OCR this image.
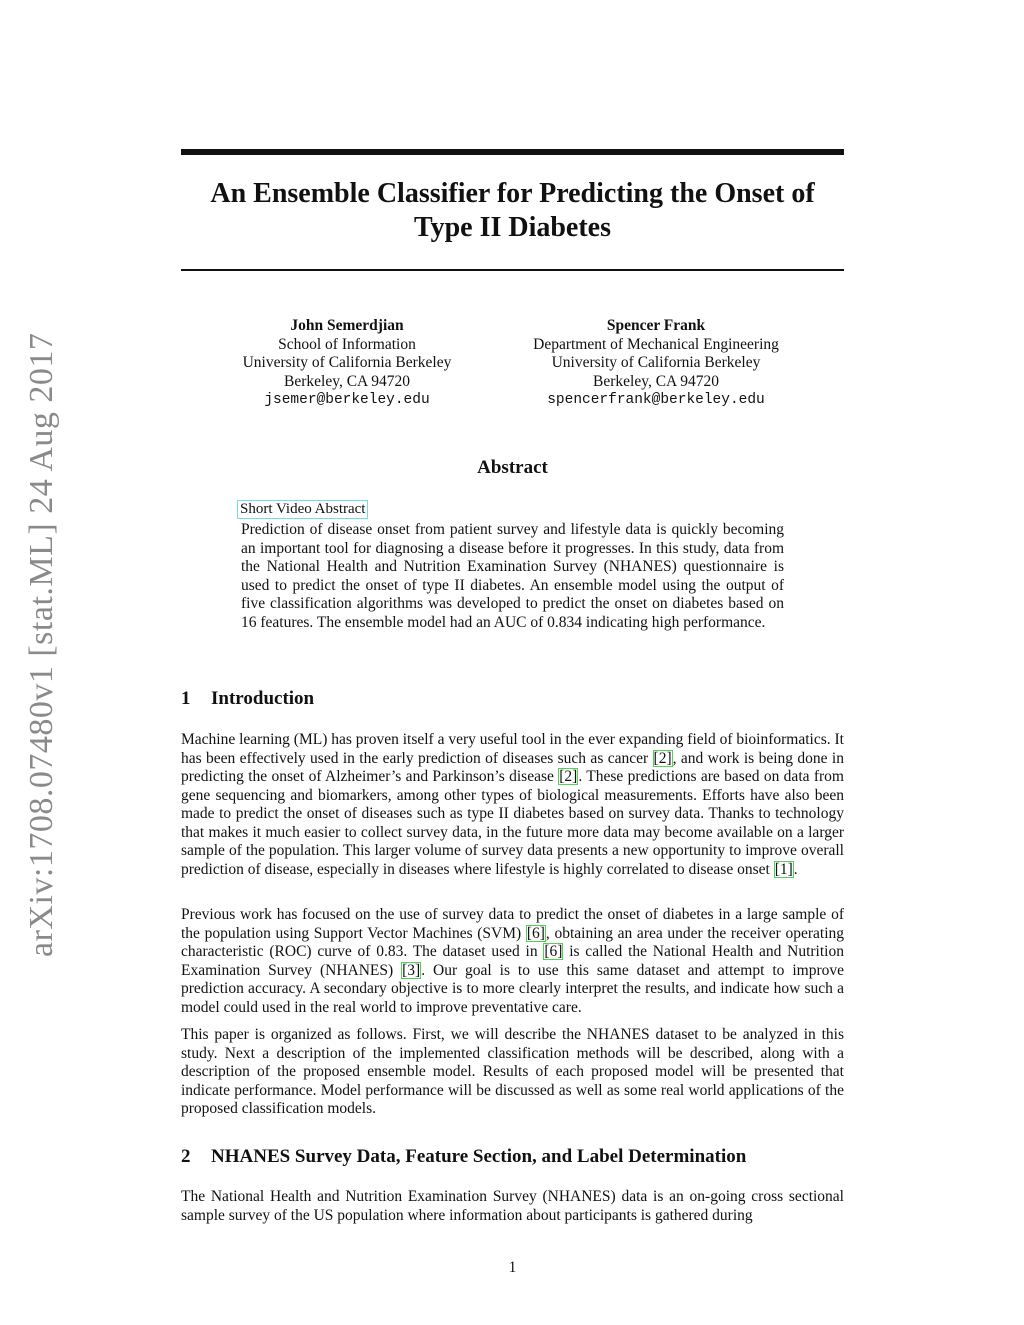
arXiv:1708.07480v1 [stat.ML] 24 Aug 2017
An Ensemble Classifier for Predicting the Onset of
Type II Diabetes
John Semerdjian
School of Information
University of California Berkeley
Berkeley, CA 94720
jsemer@berkeley.edu
Spencer Frank
Department of Mechanical Engineering
University of California Berkeley
Berkeley, CA 94720
spencerfrank@berkeley.edu
Abstract
Short Video Abstract

Prediction of disease onset from patient survey and lifestyle data is quickly becoming an important tool for diagnosing a disease before it progresses. In this study, data from the National Health and Nutrition Examination Survey (NHANES) questionnaire is used to predict the onset of type II diabetes. An ensemble model using the output of five classification algorithms was developed to predict the onset on diabetes based on 16 features. The ensemble model had an AUC of 0.834 indicating high performance.

1 Introduction

Machine learning (ML) has proven itself a very useful tool in the ever expanding field of bioinformatics. It has been effectively used in the early prediction of diseases such as cancer [2], and work is being done in predicting the onset of Alzheimer’s and Parkinson’s disease [2]. These predictions are based on data from gene sequencing and biomarkers, among other types of biological measurements. Efforts have also been made to predict the onset of diseases such as type II diabetes based on survey data. Thanks to technology that makes it much easier to collect survey data, in the future more data may become available on a larger sample of the population. This larger volume of survey data presents a new opportunity to improve overall prediction of disease, especially in diseases where lifestyle is highly correlated to disease onset [1].

Previous work has focused on the use of survey data to predict the onset of diabetes in a large sample of the population using Support Vector Machines (SVM) [6], obtaining an area under the receiver operating characteristic (ROC) curve of 0.83. The dataset used in [6] is called the National Health and Nutrition Examination Survey (NHANES) [3]. Our goal is to use this same dataset and attempt to improve prediction accuracy. A secondary objective is to more clearly interpret the results, and indicate how such a model could used in the real world to improve preventative care.

This paper is organized as follows. First, we will describe the NHANES dataset to be analyzed in this study. Next a description of the implemented classification methods will be described, along with a description of the proposed ensemble model. Results of each proposed model will be presented that indicate performance. Model performance will be discussed as well as some real world applications of the proposed classification models.

2 NHANES Survey Data, Feature Section, and Label Determination

The National Health and Nutrition Examination Survey (NHANES) data is an on-going cross sectional sample survey of the US population where information about participants is gathered during

1
